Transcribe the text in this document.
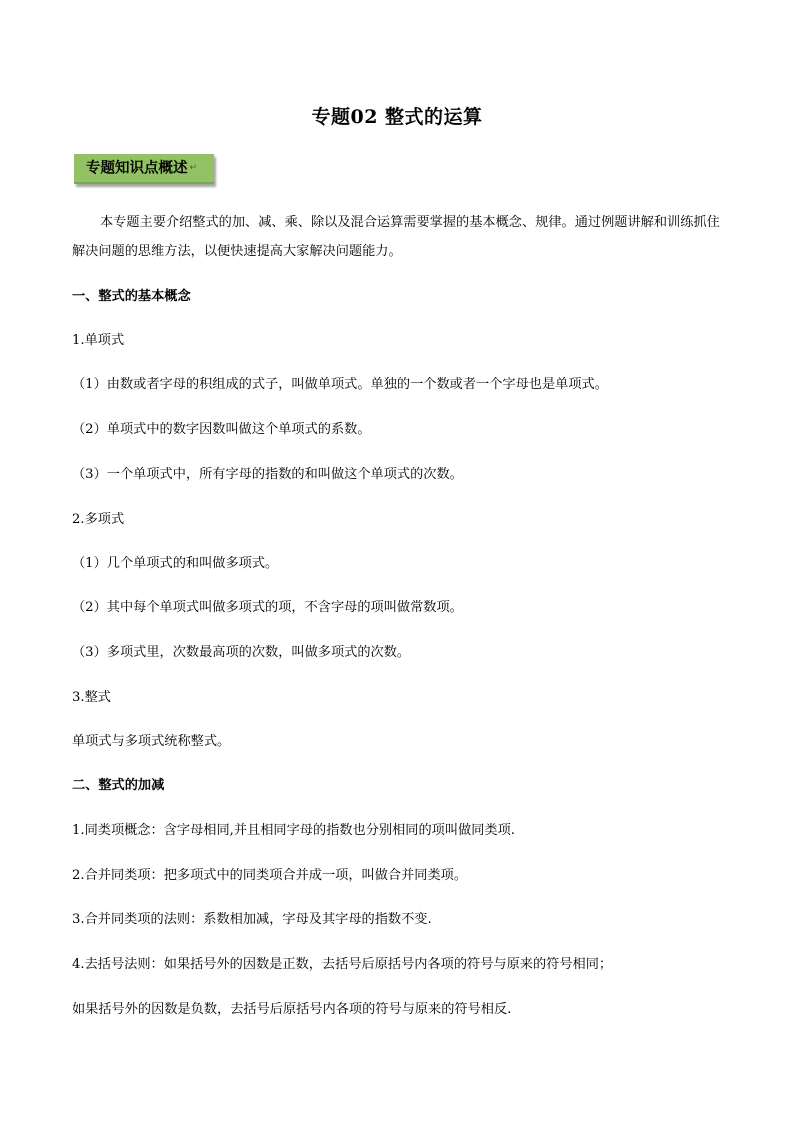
专题02 整式的运算
专题知识点概述 ↵
本专题主要介绍整式的加、减、乘、除以及混合运算需要掌握的基本概念、规律。通过例题讲解和训练抓住解决问题的思维方法，以便快速提高大家解决问题能力。
一、整式的基本概念
1.单项式
（1）由数或者字母的积组成的式子，叫做单项式。单独的一个数或者一个字母也是单项式。
（2）单项式中的数字因数叫做这个单项式的系数。
（3）一个单项式中，所有字母的指数的和叫做这个单项式的次数。
2.多项式
（1）几个单项式的和叫做多项式。
（2）其中每个单项式叫做多项式的项，不含字母的项叫做常数项。
（3）多项式里，次数最高项的次数，叫做多项式的次数。
3.整式
单项式与多项式统称整式。
二、整式的加减
1.同类项概念：含字母相同,并且相同字母的指数也分别相同的项叫做同类项.
2.合并同类项：把多项式中的同类项合并成一项，叫做合并同类项。
3.合并同类项的法则：系数相加减，字母及其字母的指数不变.
4.去括号法则：如果括号外的因数是正数，去括号后原括号内各项的符号与原来的符号相同；
如果括号外的因数是负数，去括号后原括号内各项的符号与原来的符号相反.
